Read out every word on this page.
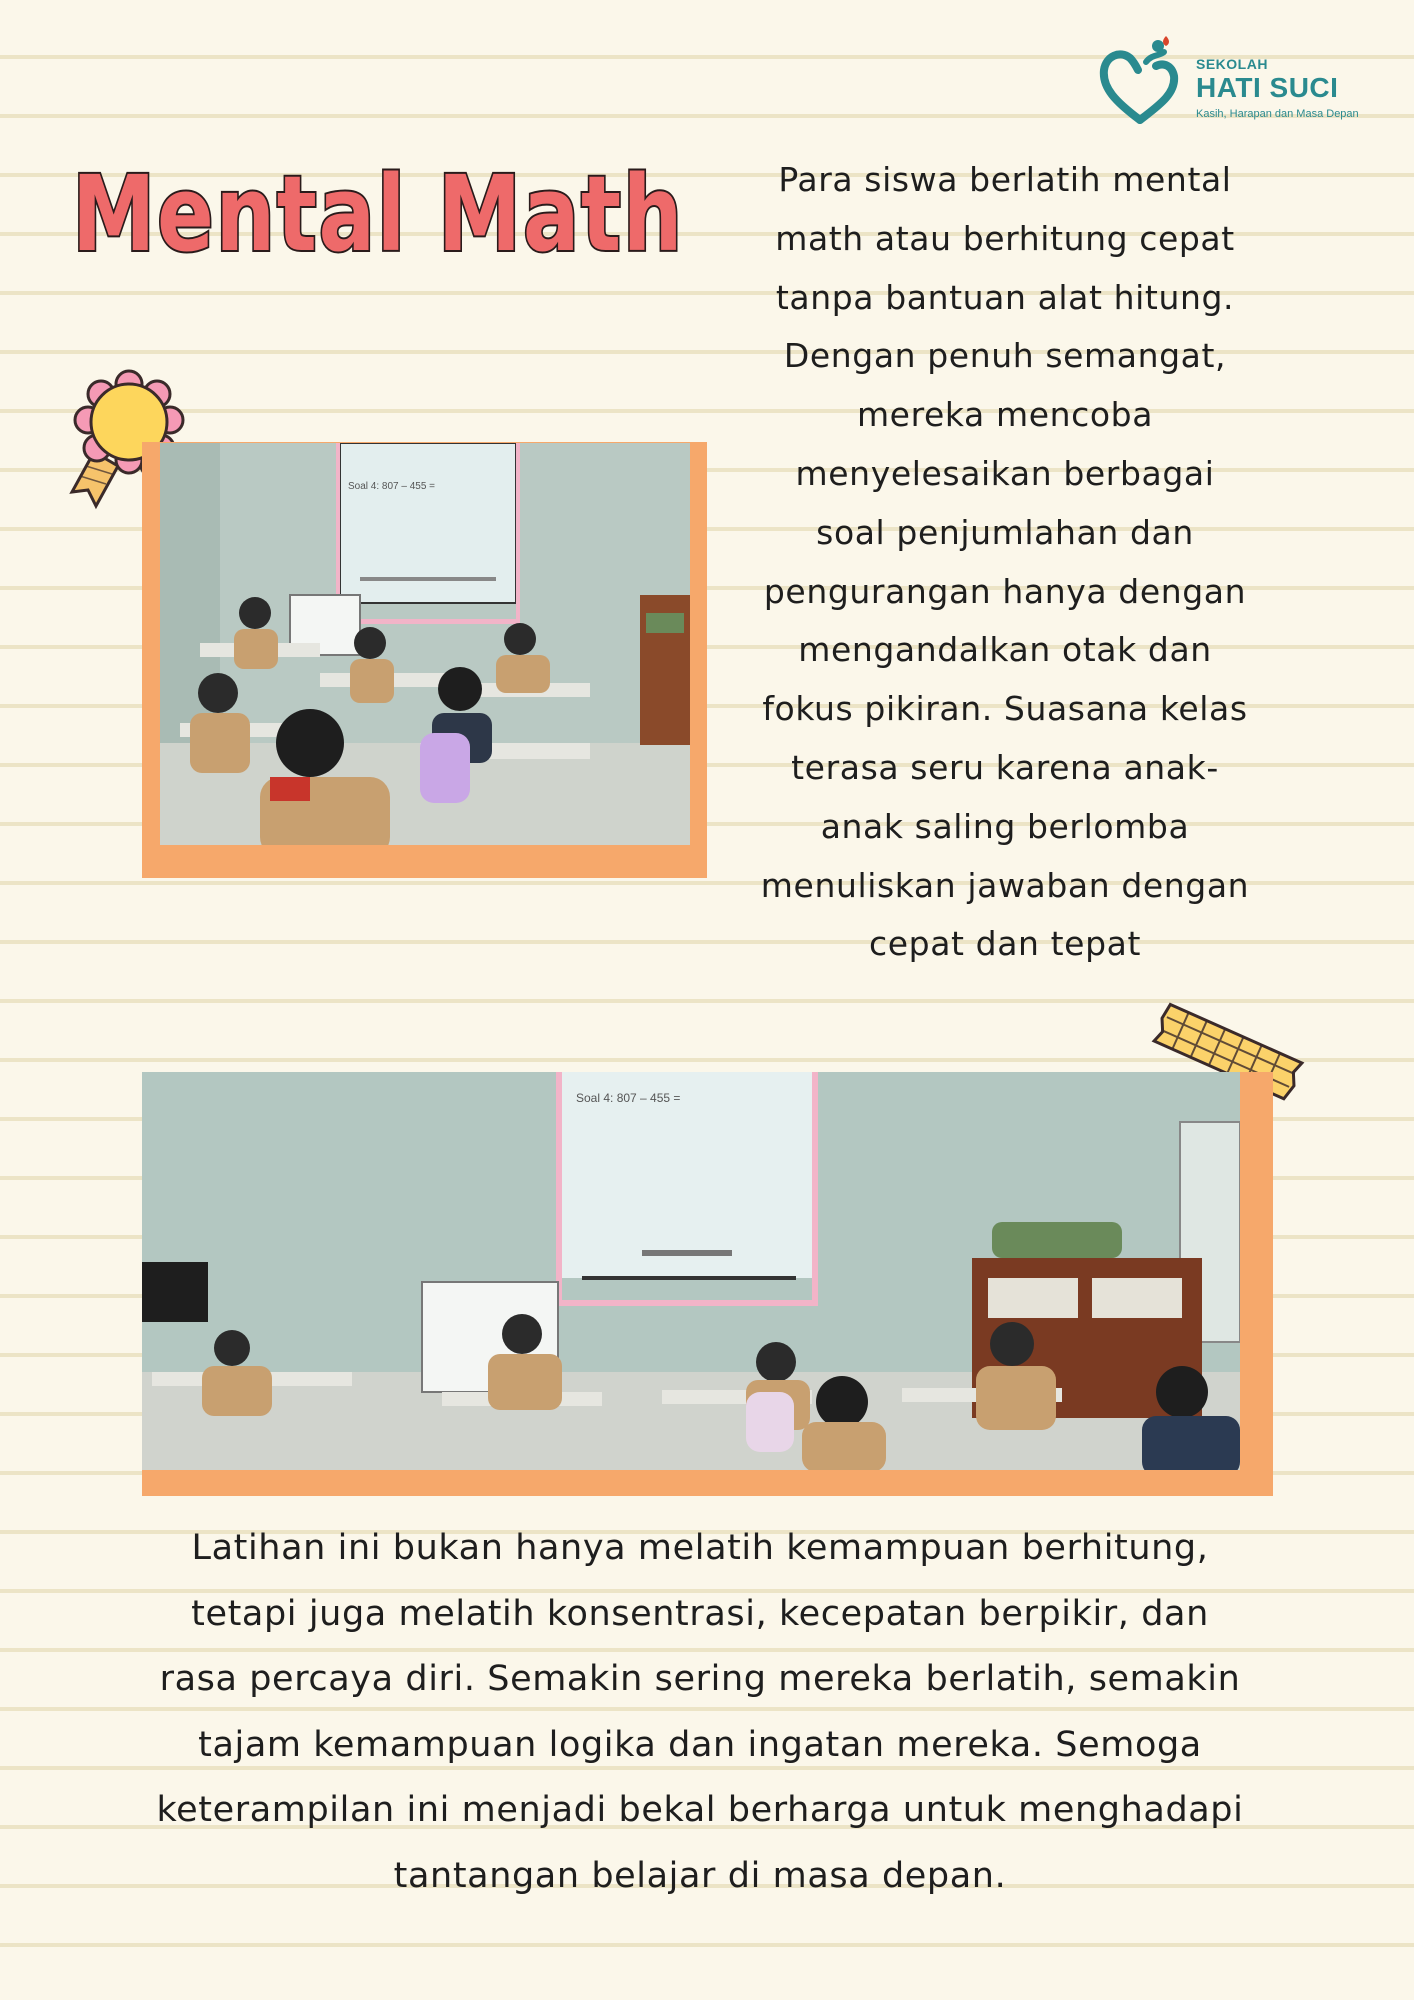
SEKOLAH
HATI SUCI
Kasih, Harapan dan Masa Depan
Mental Math	Para siswa berlatih mental
math atau berhitung cepat
tanpa bantuan alat hitung.
Dengan penuh semangat,
mereka mencoba
menyelesaikan berbagai
soal penjumlahan dan
pengurangan hanya dengan
mengandalkan otak dan
fokus pikiran. Suasana kelas
terasa seru karena anak-
anak saling berlomba
menuliskan jawaban dengan
cepat dan tepat
Soal 4: 807 – 455 =
Soal 4: 807 – 455 =
Latihan ini bukan hanya melatih kemampuan berhitung,
tetapi juga melatih konsentrasi, kecepatan berpikir, dan
rasa percaya diri. Semakin sering mereka berlatih, semakin
tajam kemampuan logika dan ingatan mereka. Semoga
keterampilan ini menjadi bekal berharga untuk menghadapi
tantangan belajar di masa depan.
